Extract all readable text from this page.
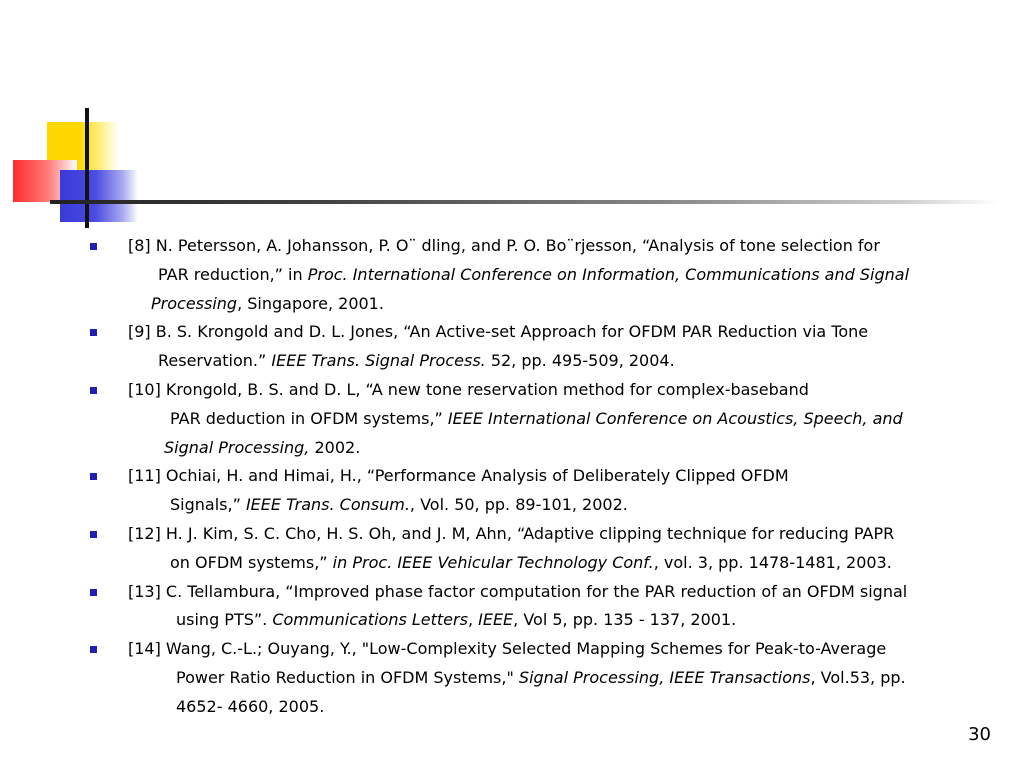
[8] N. Petersson, A. Johansson, P. O¨ dling, and P. O. Bo¨rjesson, “Analysis of tone selection for
PAR reduction,” in Proc. International Conference on Information, Communications and Signal
Processing, Singapore, 2001.
[9] B. S. Krongold and D. L. Jones, “An Active-set Approach for OFDM PAR Reduction via Tone
Reservation.” IEEE Trans. Signal Process. 52, pp. 495-509, 2004.
[10] Krongold, B. S. and D. L, “A new tone reservation method for complex-baseband
PAR deduction in OFDM systems,” IEEE International Conference on Acoustics, Speech, and
Signal Processing, 2002.
[11] Ochiai, H. and Himai, H., “Performance Analysis of Deliberately Clipped OFDM
Signals,” IEEE Trans. Consum., Vol. 50, pp. 89-101, 2002.
[12] H. J. Kim, S. C. Cho, H. S. Oh, and J. M, Ahn, “Adaptive clipping technique for reducing PAPR
on OFDM systems,” in Proc. IEEE Vehicular Technology Conf., vol. 3, pp. 1478-1481, 2003.
[13] C. Tellambura, “Improved phase factor computation for the PAR reduction of an OFDM signal
using PTS”. Communications Letters, IEEE, Vol 5, pp. 135 - 137, 2001.
[14] Wang, C.-L.; Ouyang, Y., "Low-Complexity Selected Mapping Schemes for Peak-to-Average
Power Ratio Reduction in OFDM Systems," Signal Processing, IEEE Transactions, Vol.53, pp.
4652- 4660, 2005.
30
